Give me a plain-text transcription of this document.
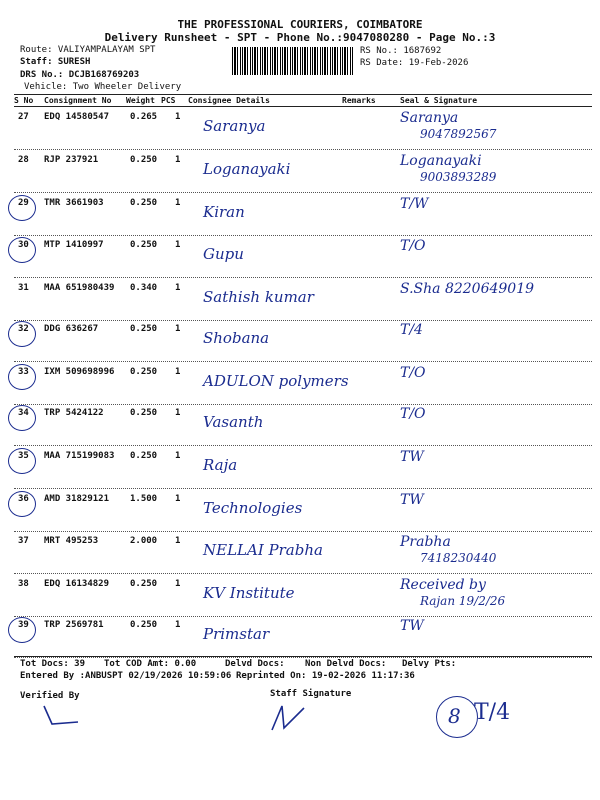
THE PROFESSIONAL COURIERS, COIMBATORE
Delivery Runsheet - SPT - Phone No.:9047080280 - Page No.:3
Route: VALIYAMPALAYAM SPT
Staff: SURESH
DRS No.: DCJB168769203
Vehicle: Two Wheeler Delivery
RS No.: 1687692
RS Date: 19-Feb-2026
S No Consignment No Weight PCS Consignee Details	Remarks	Seal & Signature
27 EDQ 14580547 0.265 1 Saranya	Saranya
9047892567
28 RJP 237921	0.250 1 Loganayaki	Loganayaki
9003893289
29 TMR 3661903	0.250 1 Kiran	T/W
30 MTP 1410997	0.250 1 Gupu	T/O
31 MAA 651980439 0.340 1 Sathish kumar	S.Sha 8220649019
32 DDG 636267	0.250 1 Shobana	T/4
33 IXM 509698996 0.250 1 ADULON polymers	T/O
34 TRP 5424122	0.250 1 Vasanth	T/O
35 MAA 715199083 0.250 1 Raja	TW
36 AMD 31829121 1.500 1 Technologies	TW
37 MRT 495253	2.000 1 NELLAI Prabha	Prabha
7418230440
38 EDQ 16134829 0.250 1 KV Institute	Received by
Rajan 19/2/26
39 TRP 2569781	0.250 1 Primstar	TW
Tot Docs: 39 Tot COD Amt: 0.00	Delvd Docs: Non Delvd Docs: Delvy Pts:
Entered By :ANBUSPT 02/19/2026 10:59:06 Reprinted On: 19-02-2026 11:17:36
Verified By	Staff Signature
8 T/4
